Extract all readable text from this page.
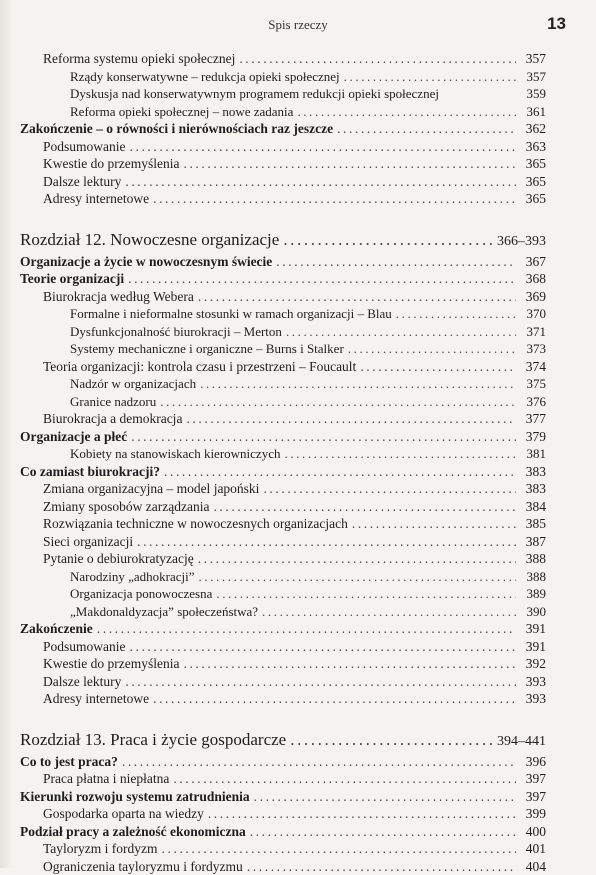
Spis rzeczy	13
Reforma systemu opieki społecznej .....	357
Rządy konserwatywne – redukcja opieki społecznej .....	357
Dyskusja nad konserwatywnym programem redukcji opieki społecznej	359
Reforma opieki społecznej – nowe zadania .....	361
Zakończenie – o równości i nierównościach raz jeszcze .....	362
Podsumowanie .....	363
Kwestie do przemyślenia .....	365
Dalsze lektury .....	365
Adresy internetowe .....	365
Rozdział 12. Nowoczesne organizacje .....	366–393
Organizacje a życie w nowoczesnym świecie .....	367
Teorie organizacji .....	368
Biurokracja według Webera .....	369
Formalne i nieformalne stosunki w ramach organizacji – Blau .....	370
Dysfunkcjonalność biurokracji – Merton .....	371
Systemy mechaniczne i organiczne – Burns i Stalker .....	373
Teoria organizacji: kontrola czasu i przestrzeni – Foucault .....	374
Nadzór w organizacjach .....	375
Granice nadzoru .....	376
Biurokracja a demokracja .....	377
Organizacje a płeć .....	379
Kobiety na stanowiskach kierowniczych .....	381
Co zamiast biurokracji? .....	383
Zmiana organizacyjna – model japoński .....	383
Zmiany sposobów zarządzania .....	384
Rozwiązania techniczne w nowoczesnych organizacjach .....	385
Sieci organizacji .....	387
Pytanie o debiurokratyzację .....	388
Narodziny „adhokracji” .....	388
Organizacja ponowoczesna .....	389
„Makdonaldyzacja” społeczeństwa? .....	390
Zakończenie .....	391
Podsumowanie .....	391
Kwestie do przemyślenia .....	392
Dalsze lektury .....	393
Adresy internetowe .....	393
Rozdział 13. Praca i życie gospodarcze .....	394–441
Co to jest praca? .....	396
Praca płatna i niepłatna .....	397
Kierunki rozwoju systemu zatrudnienia .....	397
Gospodarka oparta na wiedzy .....	399
Podział pracy a zależność ekonomiczna .....	400
Tayloryzm i fordyzm .....	401
Ograniczenia tayloryzmu i fordyzmu .....	404
